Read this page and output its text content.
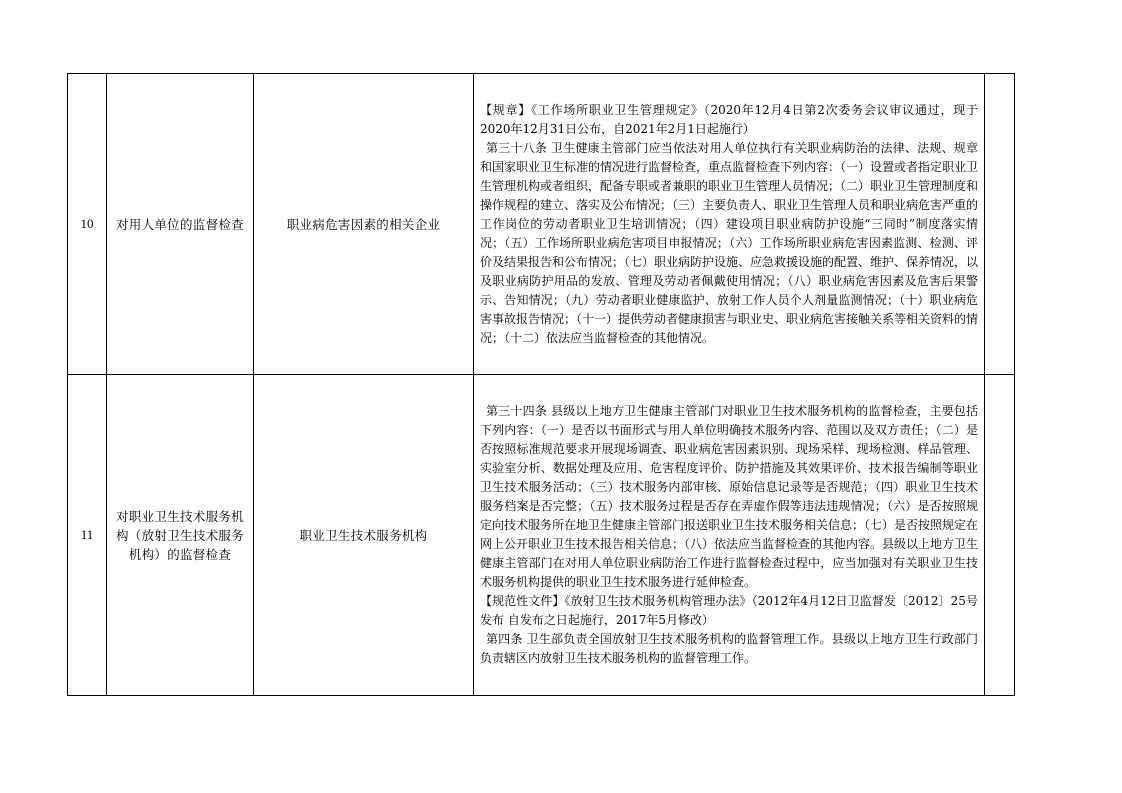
10	对用人单位的监督检查	职业病危害因素的相关企业	【规章】《工作场所职业卫生管理规定》（2020年12月4日第2次委务会议审议通过，现于2020年12月31日公布，自2021年2月1日起施行）

第三十八条 卫生健康主管部门应当依法对用人单位执行有关职业病防治的法律、法规、规章和国家职业卫生标准的情况进行监督检查，重点监督检查下列内容：（一）设置或者指定职业卫生管理机构或者组织，配备专职或者兼职的职业卫生管理人员情况；（二）职业卫生管理制度和操作规程的建立、落实及公布情况；（三）主要负责人、职业卫生管理人员和职业病危害严重的工作岗位的劳动者职业卫生培训情况；（四）建设项目职业病防护设施“三同时”制度落实情况；（五）工作场所职业病危害项目申报情况；（六）工作场所职业病危害因素监测、检测、评价及结果报告和公布情况；（七）职业病防护设施、应急救援设施的配置、维护、保养情况，以及职业病防护用品的发放、管理及劳动者佩戴使用情况；（八）职业病危害因素及危害后果警示、告知情况；（九）劳动者职业健康监护、放射工作人员个人剂量监测情况；（十）职业病危害事故报告情况；（十一）提供劳动者健康损害与职业史、职业病危害接触关系等相关资料的情况；（十二）依法应当监督检查的其他情况。	

11	对职业卫生技术服务机构（放射卫生技术服务机构）的监督检查	职业卫生技术服务机构	第三十四条 县级以上地方卫生健康主管部门对职业卫生技术服务机构的监督检查，主要包括下列内容：（一）是否以书面形式与用人单位明确技术服务内容、范围以及双方责任；（二）是否按照标准规范要求开展现场调查、职业病危害因素识别、现场采样、现场检测、样品管理、实验室分析、数据处理及应用、危害程度评价、防护措施及其效果评价、技术报告编制等职业卫生技术服务活动；（三）技术服务内部审核、原始信息记录等是否规范；（四）职业卫生技术服务档案是否完整；（五）技术服务过程是否存在弄虚作假等违法违规情况；（六）是否按照规定向技术服务所在地卫生健康主管部门报送职业卫生技术服务相关信息；（七）是否按照规定在网上公开职业卫生技术报告相关信息；（八）依法应当监督检查的其他内容。县级以上地方卫生健康主管部门在对用人单位职业病防治工作进行监督检查过程中，应当加强对有关职业卫生技术服务机构提供的职业卫生技术服务进行延伸检查。

【规范性文件】《放射卫生技术服务机构管理办法》（2012年4月12日卫监督发〔2012〕25号发布 自发布之日起施行，2017年5月修改）

第四条 卫生部负责全国放射卫生技术服务机构的监督管理工作。县级以上地方卫生行政部门负责辖区内放射卫生技术服务机构的监督管理工作。	
